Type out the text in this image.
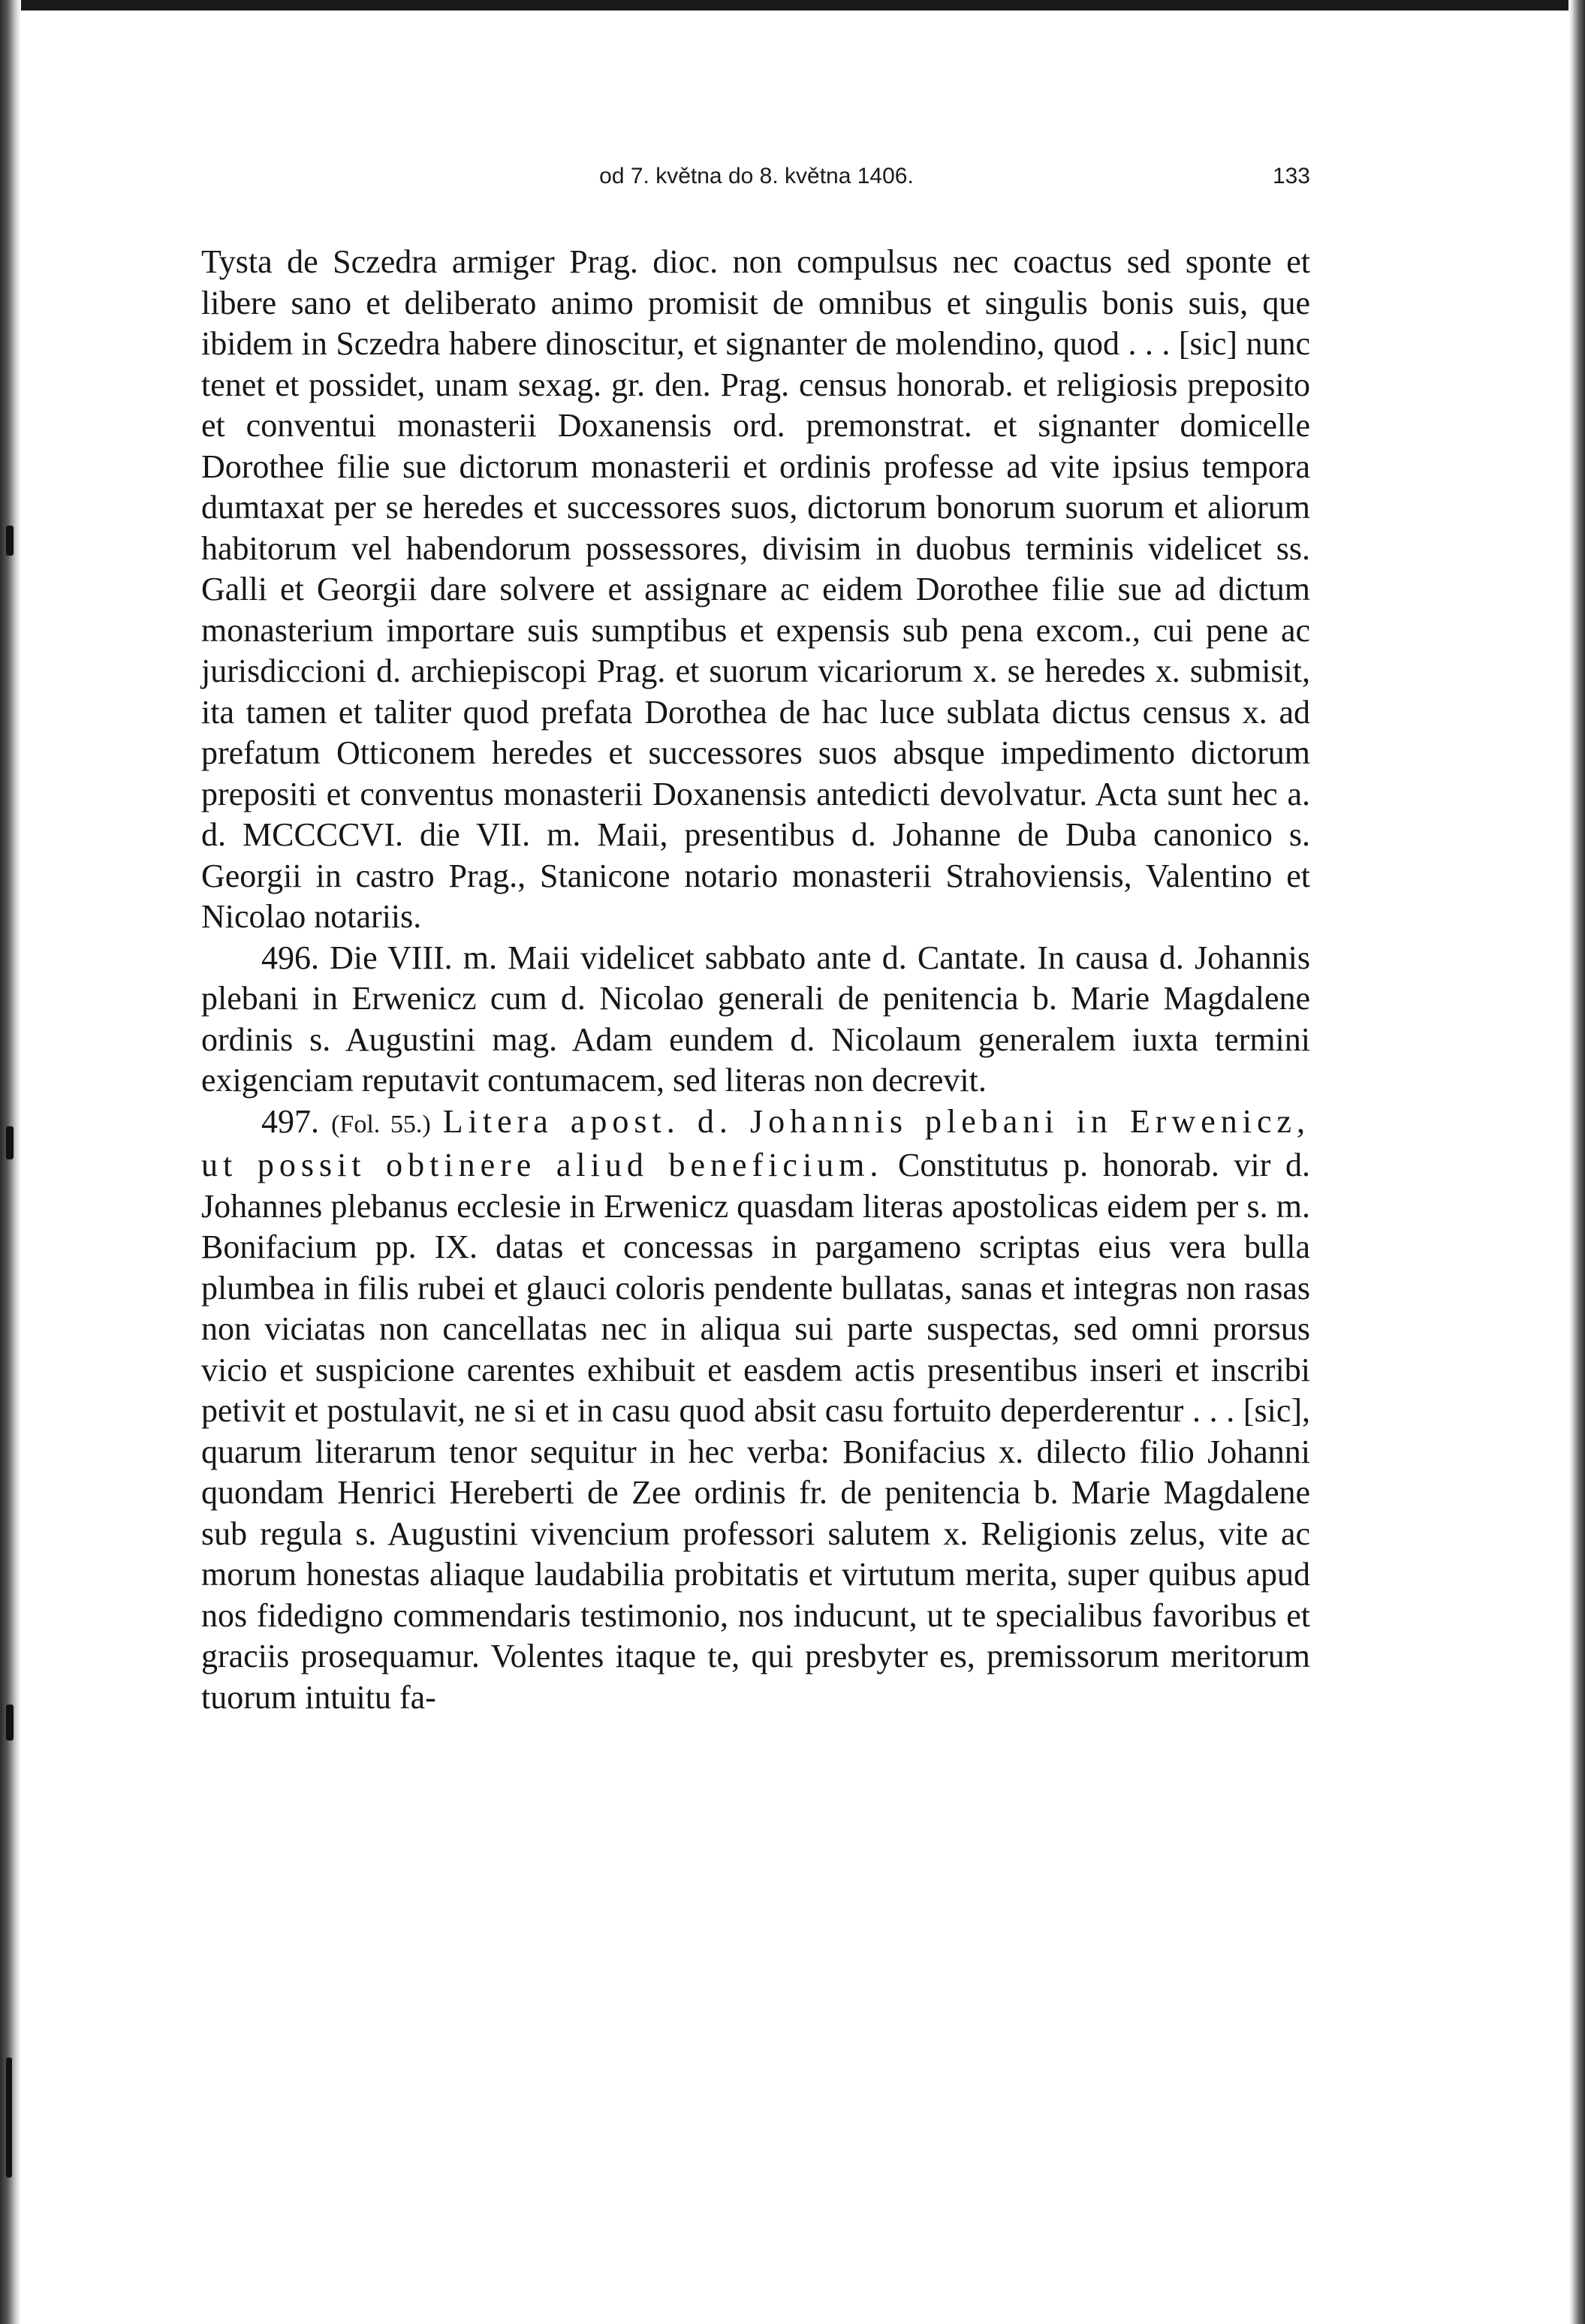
od 7. května do 8. května 1406.	133

Tysta de Sczedra armiger Prag. dioc. non compulsus nec coactus sed sponte et libere sano et deliberato animo promisit de omnibus et singulis bonis suis, que ibidem in Sczedra habere dinoscitur, et signanter de molendino, quod . . . [sic] nunc tenet et possidet, unam sexag. gr. den. Prag. census honorab. et religiosis preposito et conventui monasterii Doxanensis ord. premonstrat. et signanter domicelle Dorothee filie sue dictorum monasterii et ordinis professe ad vite ipsius tempora dumtaxat per se heredes et successores suos, dictorum bonorum suorum et aliorum habitorum vel habendorum possessores, divisim in duobus terminis videlicet ss. Galli et Georgii dare solvere et assignare ac eidem Dorothee filie sue ad dictum monasterium importare suis sumptibus et expensis sub pena excom., cui pene ac jurisdiccioni d. archiepiscopi Prag. et suorum vicariorum x. se heredes x. submisit, ita tamen et taliter quod prefata Dorothea de hac luce sublata dictus census x. ad prefatum Otticonem heredes et successores suos absque impedimento dictorum prepositi et conventus monasterii Doxanensis antedicti devolvatur. Acta sunt hec a. d. MCCCCVI. die VII. m. Maii, presentibus d. Johanne de Duba canonico s. Georgii in castro Prag., Stanicone notario monasterii Strahoviensis, Valentino et Nicolao notariis.

496. Die VIII. m. Maii videlicet sabbato ante d. Cantate. In causa d. Johannis plebani in Erwenicz cum d. Nicolao generali de penitencia b. Marie Magdalene ordinis s. Augustini mag. Adam eundem d. Nicolaum generalem iuxta termini exigenciam reputavit contumacem, sed literas non decrevit.

497. (Fol. 55.) Litera apost. d. Johannis plebani in Erwenicz, ut possit obtinere aliud beneficium. Constitutus p. honorab. vir d. Johannes plebanus ecclesie in Erwenicz quasdam literas apostolicas eidem per s. m. Bonifacium pp. IX. datas et concessas in pargameno scriptas eius vera bulla plumbea in filis rubei et glauci coloris pendente bullatas, sanas et integras non rasas non viciatas non cancellatas nec in aliqua sui parte suspectas, sed omni prorsus vicio et suspicione carentes exhibuit et easdem actis presentibus inseri et inscribi petivit et postulavit, ne si et in casu quod absit casu fortuito deperderentur . . . [sic], quarum literarum tenor sequitur in hec verba: Bonifacius x. dilecto filio Johanni quondam Henrici Hereberti de Zee ordinis fr. de penitencia b. Marie Magdalene sub regula s. Augustini vivencium professori salutem x. Religionis zelus, vite ac morum honestas aliaque laudabilia probitatis et virtutum merita, super quibus apud nos fidedigno commendaris testimonio, nos inducunt, ut te specialibus favoribus et graciis prosequamur. Volentes itaque te, qui presbyter es, premissorum meritorum tuorum intuitu fa-
